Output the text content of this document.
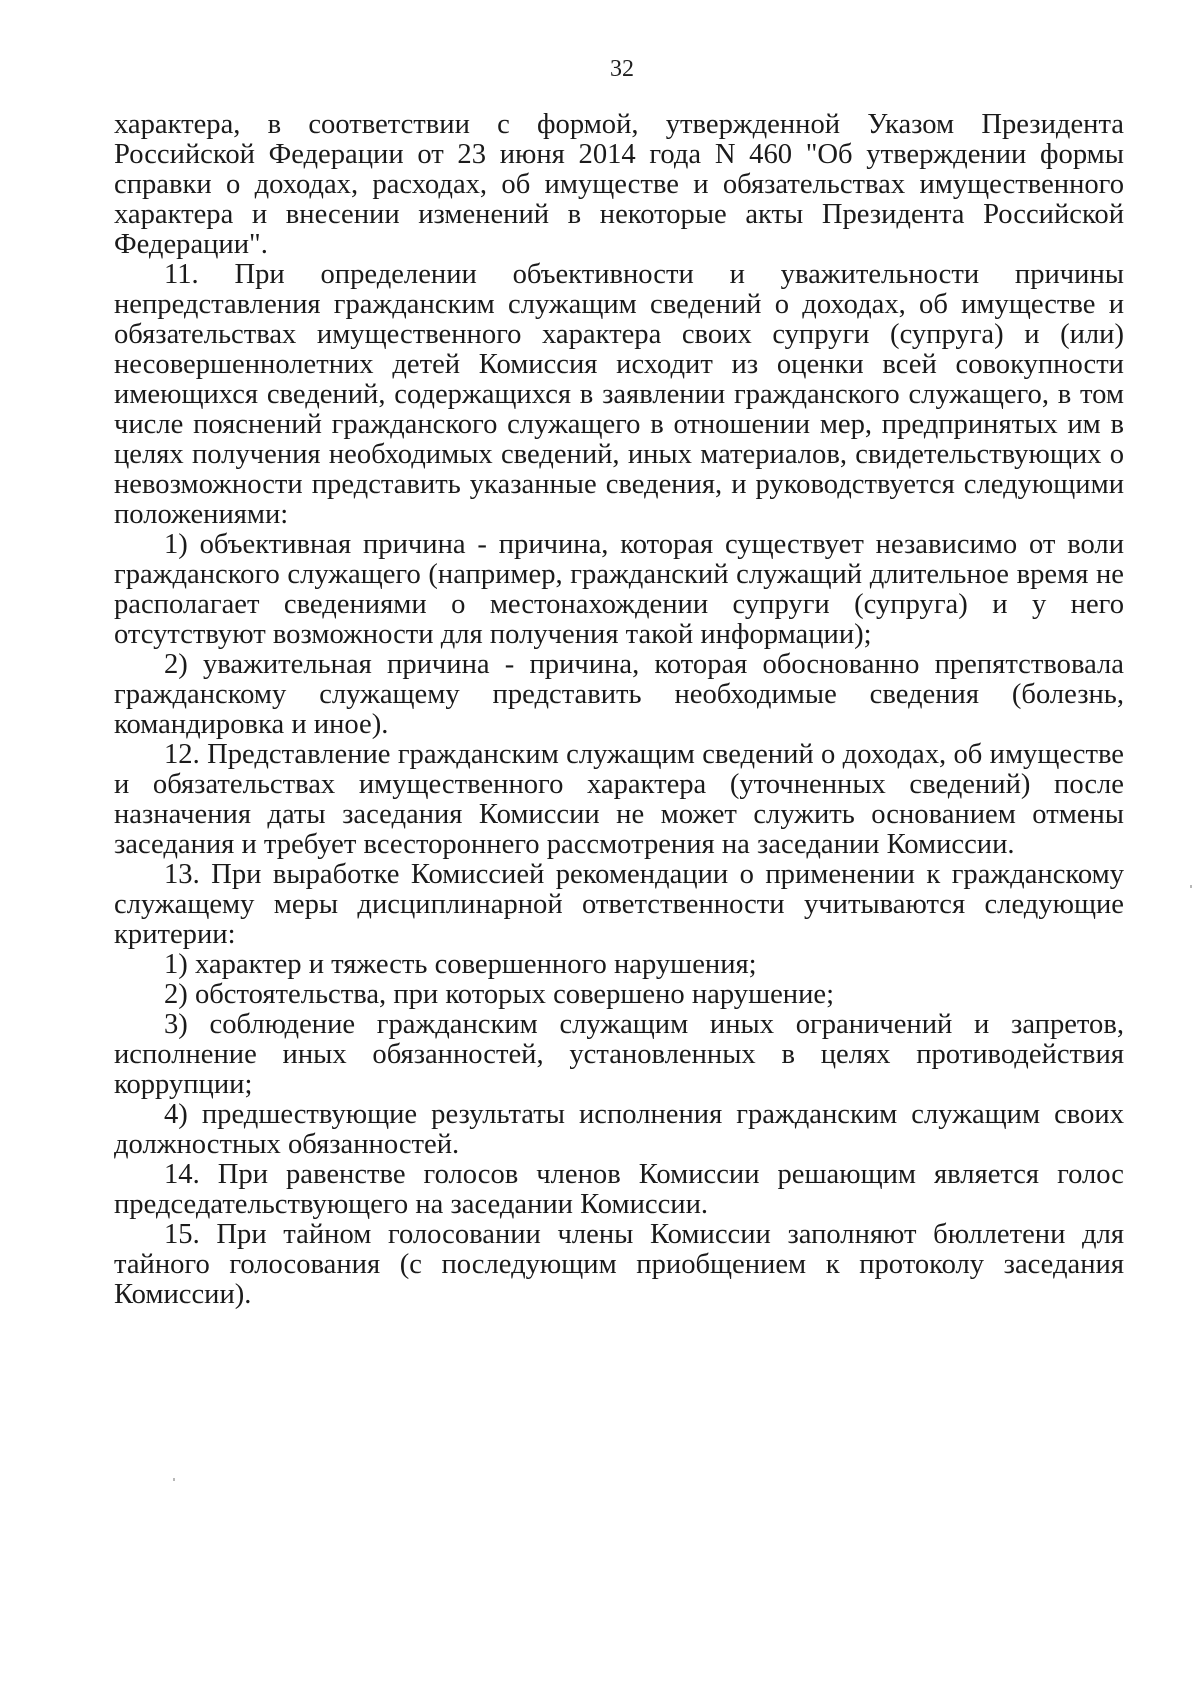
32

характера, в соответствии с формой, утвержденной Указом Президента Российской Федерации от 23 июня 2014 года N 460 "Об утверждении формы справки о доходах, расходах, об имуществе и обязательствах имущественного характера и внесении изменений в некоторые акты Президента Российской Федерации".

11. При определении объективности и уважительности причины непредставления гражданским служащим сведений о доходах, об имуществе и обязательствах имущественного характера своих супруги (супруга) и (или) несовершеннолетних детей Комиссия исходит из оценки всей совокупности имеющихся сведений, содержащихся в заявлении гражданского служащего, в том числе пояснений гражданского служащего в отношении мер, предпринятых им в целях получения необходимых сведений, иных материалов, свидетельствующих о невозможности представить указанные сведения, и руководствуется следующими положениями:

1) объективная причина - причина, которая существует независимо от воли гражданского служащего (например, гражданский служащий длительное время не располагает сведениями о местонахождении супруги (супруга) и у него отсутствуют возможности для получения такой информации);

2) уважительная причина - причина, которая обоснованно препятствовала гражданскому служащему представить необходимые сведения (болезнь, командировка и иное).

12. Представление гражданским служащим сведений о доходах, об имуществе и обязательствах имущественного характера (уточненных сведений) после назначения даты заседания Комиссии не может служить основанием отмены заседания и требует всестороннего рассмотрения на заседании Комиссии.

13. При выработке Комиссией рекомендации о применении к гражданскому служащему меры дисциплинарной ответственности учитываются следующие критерии:

1) характер и тяжесть совершенного нарушения;

2) обстоятельства, при которых совершено нарушение;

3) соблюдение гражданским служащим иных ограничений и запретов, исполнение иных обязанностей, установленных в целях противодействия коррупции;

4) предшествующие результаты исполнения гражданским служащим своих должностных обязанностей.

14. При равенстве голосов членов Комиссии решающим является голос председательствующего на заседании Комиссии.

15. При тайном голосовании члены Комиссии заполняют бюллетени для тайного голосования (с последующим приобщением к протоколу заседания Комиссии).
